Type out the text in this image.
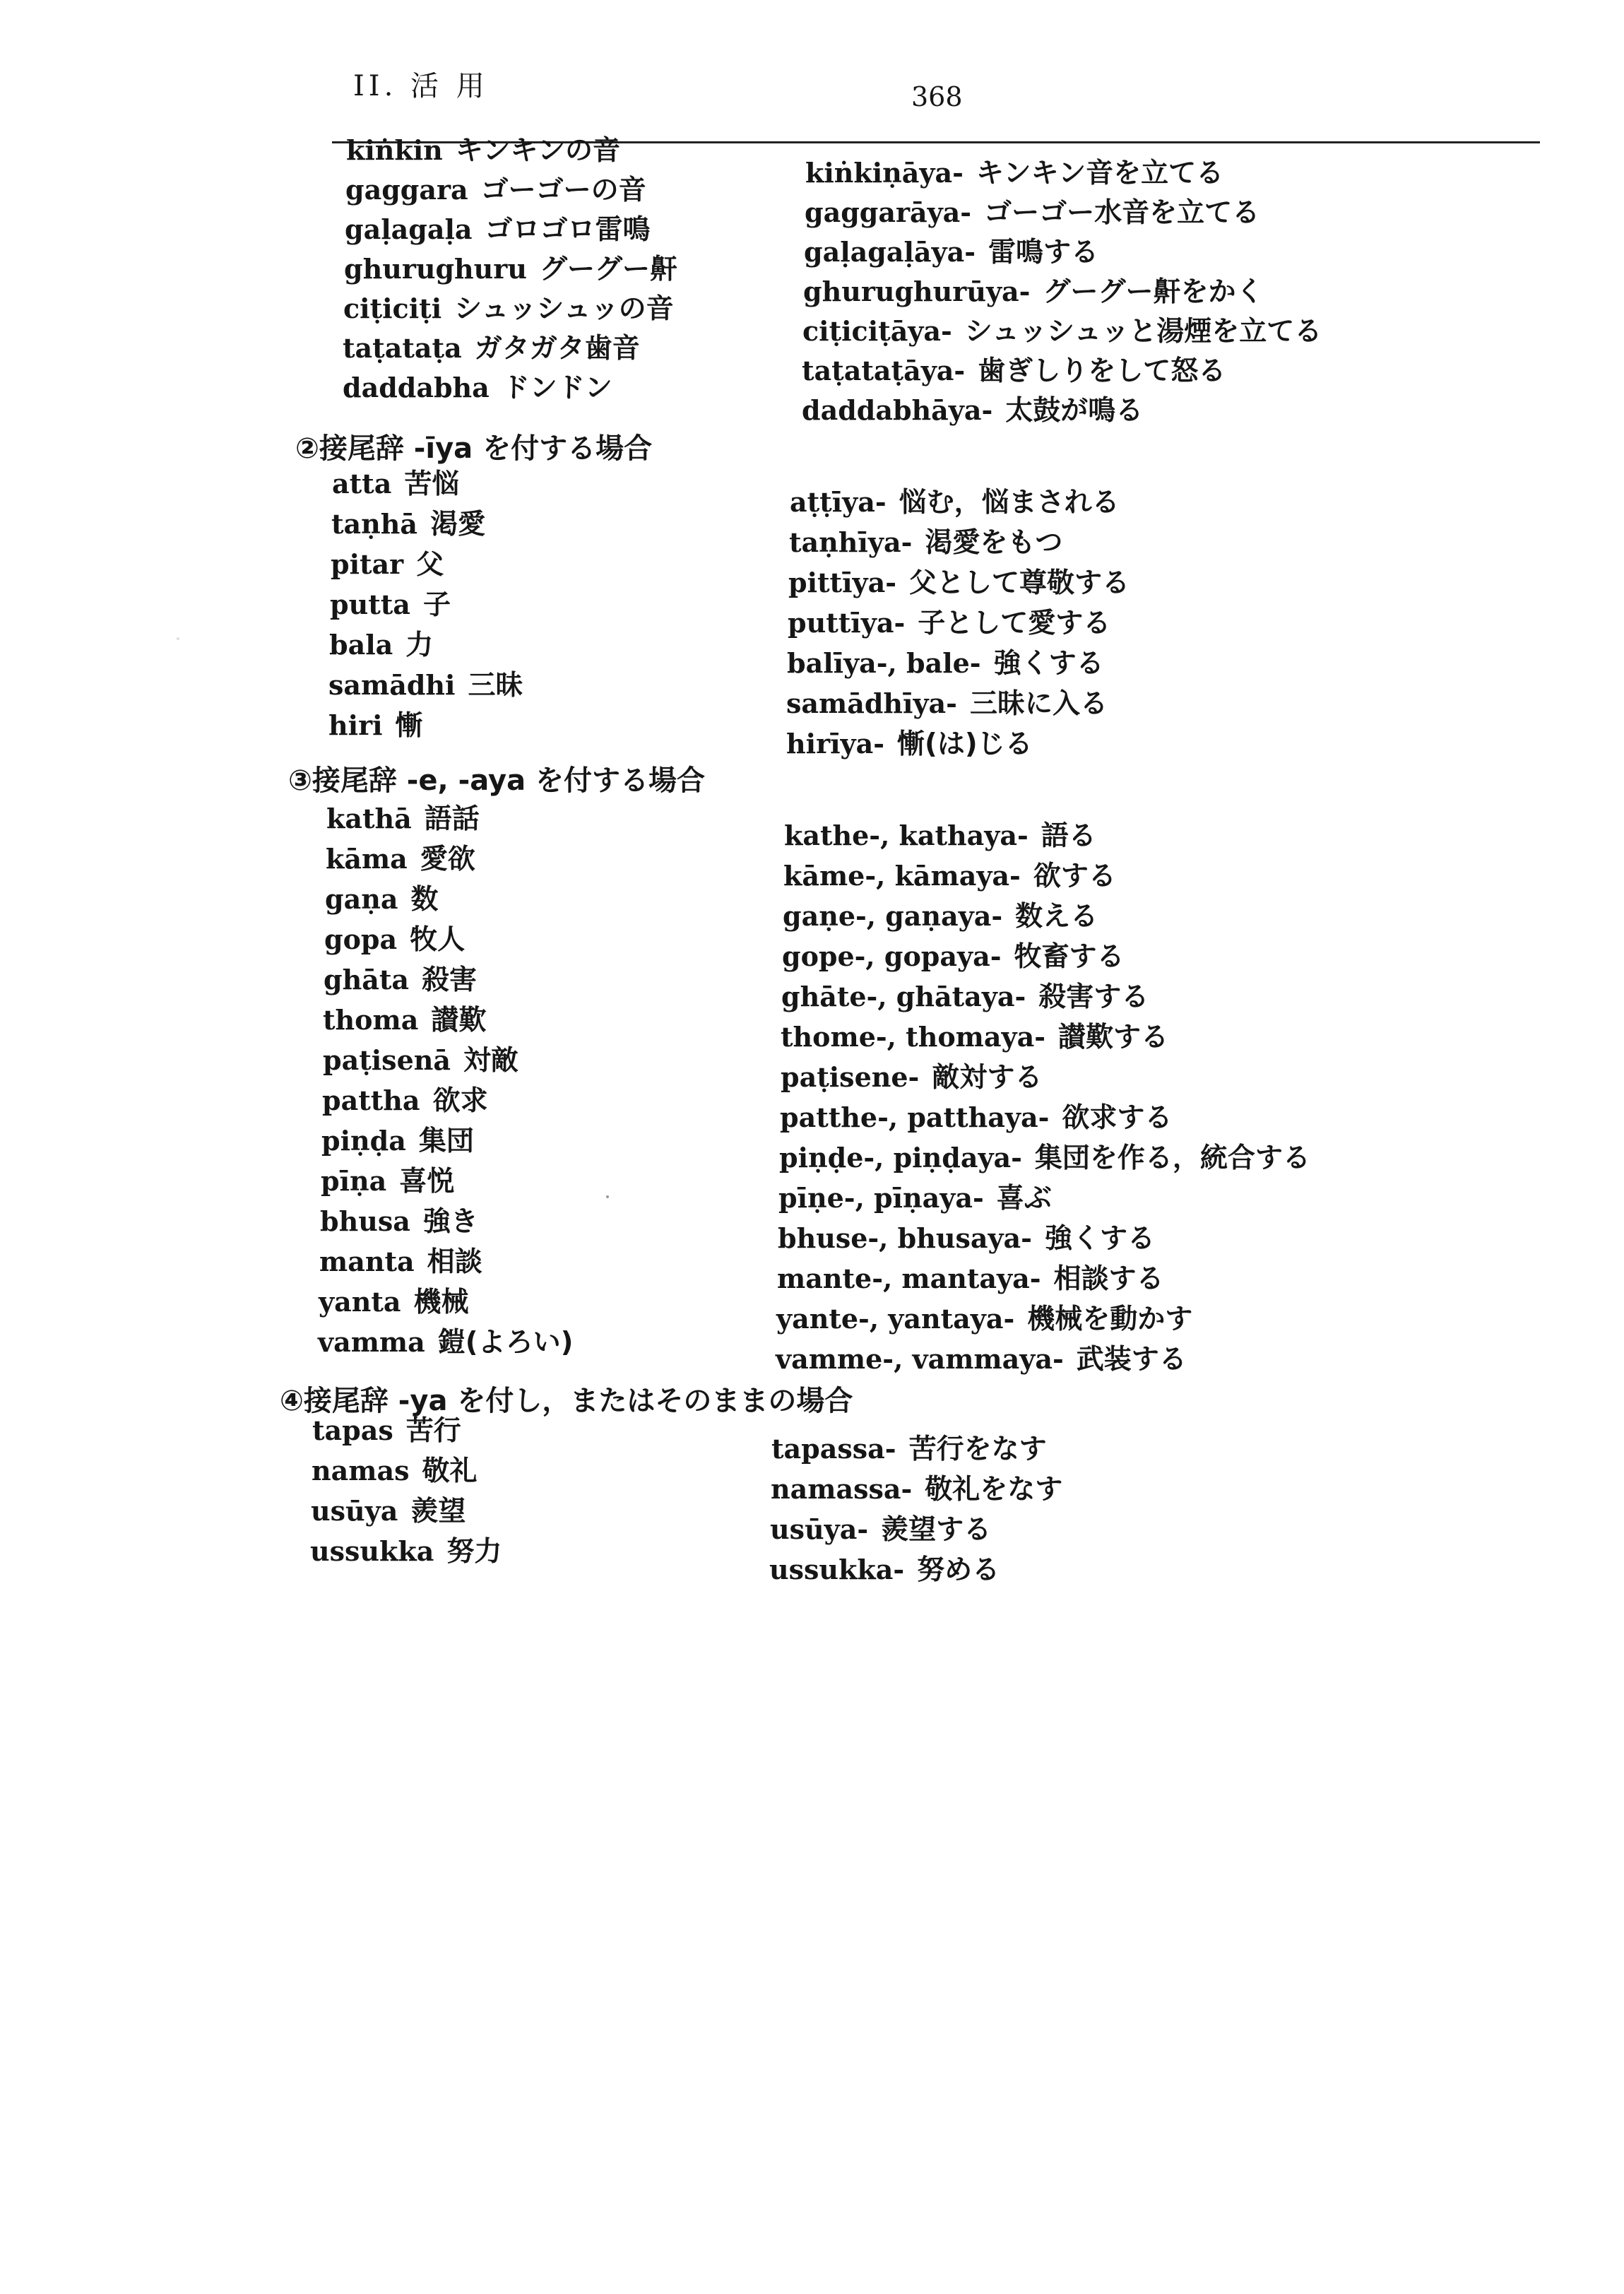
II. 活 用	368
②接尾辞 -īya を付する場合
③接尾辞 -e, -aya を付する場合
④接尾辞 -ya を付し，またはそのままの場合
kiṅkin キンキンの音
gaggara ゴーゴーの音
gaḷagaḷa ゴロゴロ雷鳴
ghurughuru グーグー鼾
ciṭiciṭi シュッシュッの音
taṭataṭa ガタガタ歯音
daddabha ドンドン
atta 苦悩
taṇhā 渇愛
pitar 父
putta 子
bala 力
samādhi 三昧
hiri 慚
kathā 語話
kāma 愛欲
gaṇa 数
gopa 牧人
ghāta 殺害
thoma 讃歎
paṭisenā 対敵
pattha 欲求
piṇḍa 集団
pīṇa 喜悦
bhusa 強き
manta 相談
yanta 機械
vamma 鎧(よろい)
tapas 苦行
namas 敬礼
usūya 羨望
ussukka 努力
kiṅkiṇāya- キンキン音を立てる
gaggarāya- ゴーゴー水音を立てる
gaḷagaḷāya- 雷鳴する
ghurughurūya- グーグー鼾をかく
ciṭiciṭāya- シュッシュッと湯煙を立てる
taṭataṭāya- 歯ぎしりをして怒る
daddabhāya- 太鼓が鳴る
aṭṭīya- 悩む，悩まされる
taṇhīya- 渇愛をもつ
pittīya- 父として尊敬する
puttīya- 子として愛する
balīya-, bale- 強くする
samādhīya- 三昧に入る
hirīya- 慚(は)じる
kathe-, kathaya- 語る
kāme-, kāmaya- 欲する
gaṇe-, gaṇaya- 数える
gope-, gopaya- 牧畜する
ghāte-, ghātaya- 殺害する
thome-, thomaya- 讃歎する
paṭisene- 敵対する
patthe-, patthaya- 欲求する
piṇḍe-, piṇḍaya- 集団を作る，統合する
pīṇe-, pīṇaya- 喜ぶ
bhuse-, bhusaya- 強くする
mante-, mantaya- 相談する
yante-, yantaya- 機械を動かす
vamme-, vammaya- 武装する
tapassa- 苦行をなす
namassa- 敬礼をなす
usūya- 羨望する
ussukka- 努める
